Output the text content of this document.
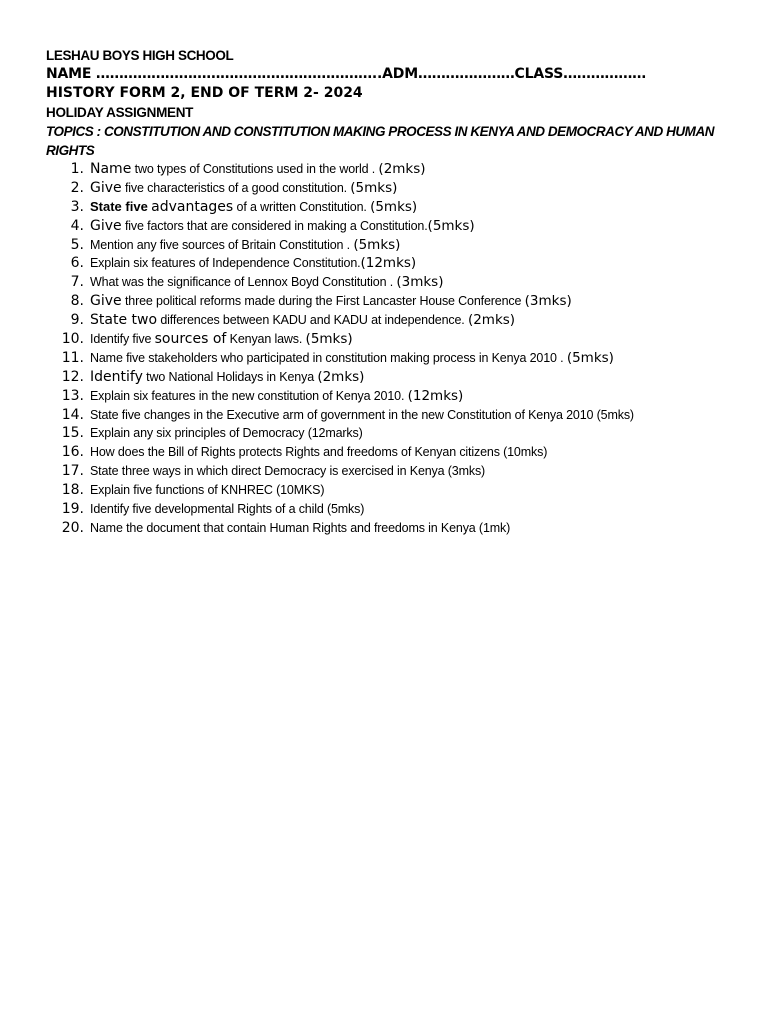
LESHAU BOYS HIGH SCHOOL
NAME ……………………………………………………..ADM…………………CLASS………………
HISTORY FORM 2, END OF TERM 2- 2024
HOLIDAY ASSIGNMENT
TOPICS : CONSTITUTION AND CONSTITUTION MAKING PROCESS IN KENYA AND DEMOCRACY AND HUMAN RIGHTS
1. Name two types of Constitutions used in the world . (2mks)
2. Give five characteristics of a good constitution. (5mks)
3. State five advantages of a written Constitution. (5mks)
4. Give five factors that are considered in making a Constitution.(5mks)
5. Mention any five sources of Britain Constitution . (5mks)
6. Explain six features of Independence Constitution.(12mks)
7. What was the significance of Lennox Boyd Constitution . (3mks)
8. Give three political reforms made during the First Lancaster House Conference (3mks)
9. State two differences between KADU and KADU at independence. (2mks)
10. Identify five sources of Kenyan laws. (5mks)
11. Name five stakeholders who participated in constitution making process in Kenya 2010 . (5mks)
12. Identify two National Holidays in Kenya (2mks)
13. Explain six features in the new constitution of Kenya 2010. (12mks)
14. State five changes in the Executive arm of government in the new Constitution of Kenya 2010 (5mks)
15. Explain any six principles of Democracy (12marks)
16. How does the Bill of Rights protects Rights and freedoms of Kenyan citizens (10mks)
17. State three ways in which direct Democracy is exercised in Kenya (3mks)
18. Explain five functions of KNHREC (10MKS)
19. Identify five developmental Rights of a child (5mks)
20. Name the document that contain Human Rights and freedoms in Kenya (1mk)
